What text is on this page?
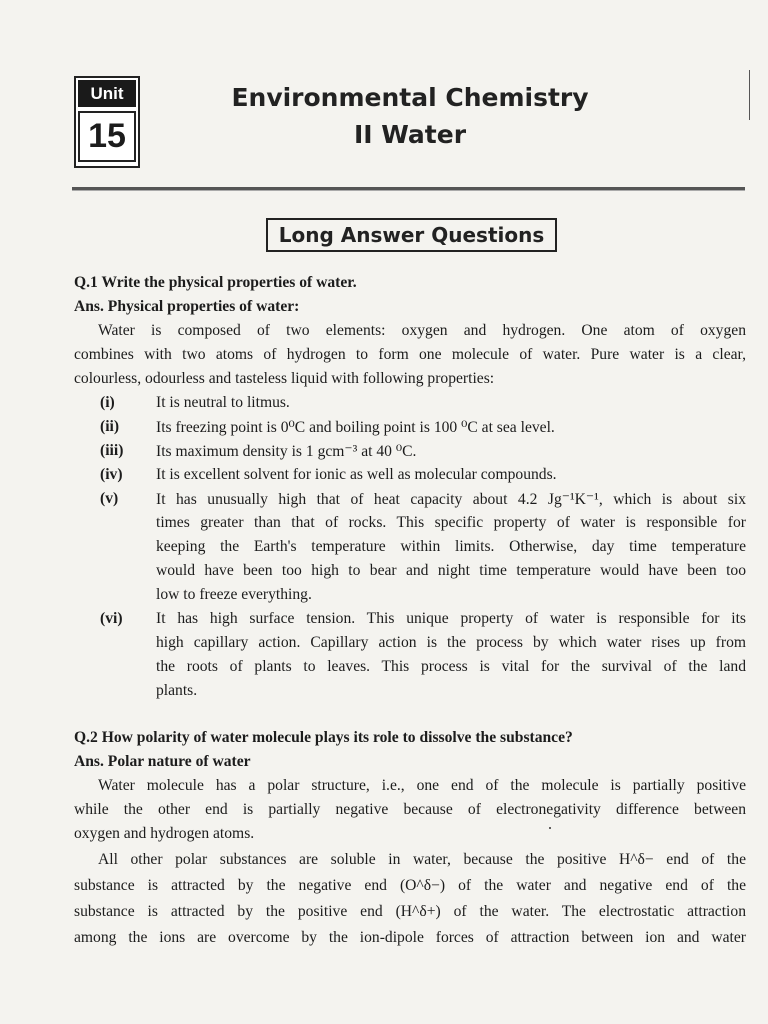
Unit
15
Environmental Chemistry
II Water
Long Answer Questions
Q.1 Write the physical properties of water.
Ans. Physical properties of water:
Water is composed of two elements: oxygen and hydrogen. One atom of oxygen
combines with two atoms of hydrogen to form one molecule of water. Pure water is a clear,
colourless, odourless and tasteless liquid with following properties:
(i)	It is neutral to litmus.
(ii) Its freezing point is 0⁰C and boiling point is 100 ⁰C at sea level.
(iii) Its maximum density is 1 gcm⁻³ at 40 ⁰C.
(iv) It is excellent solvent for ionic as well as molecular compounds.
(v) It has unusually high that of heat capacity about 4.2 Jg⁻¹K⁻¹, which is about six
times greater than that of rocks. This specific property of water is responsible for
keeping the Earth's temperature within limits. Otherwise, day time temperature
would have been too high to bear and night time temperature would have been too
low to freeze everything.
(vi) It has high surface tension. This unique property of water is responsible for its
high capillary action. Capillary action is the process by which water rises up from
the roots of plants to leaves. This process is vital for the survival of the land
plants.
Q.2 How polarity of water molecule plays its role to dissolve the substance?
Ans. Polar nature of water
Water molecule has a polar structure, i.e., one end of the molecule is partially positive
while the other end is partially negative because of electronegativity difference between
oxygen and hydrogen atoms.
All other polar substances are soluble in water, because the positive H^δ− end of the
substance is attracted by the negative end (O^δ−) of the water and negative end of the
substance is attracted by the positive end (H^δ+) of the water. The electrostatic attraction
among the ions are overcome by the ion-dipole forces of attraction between ion and water
